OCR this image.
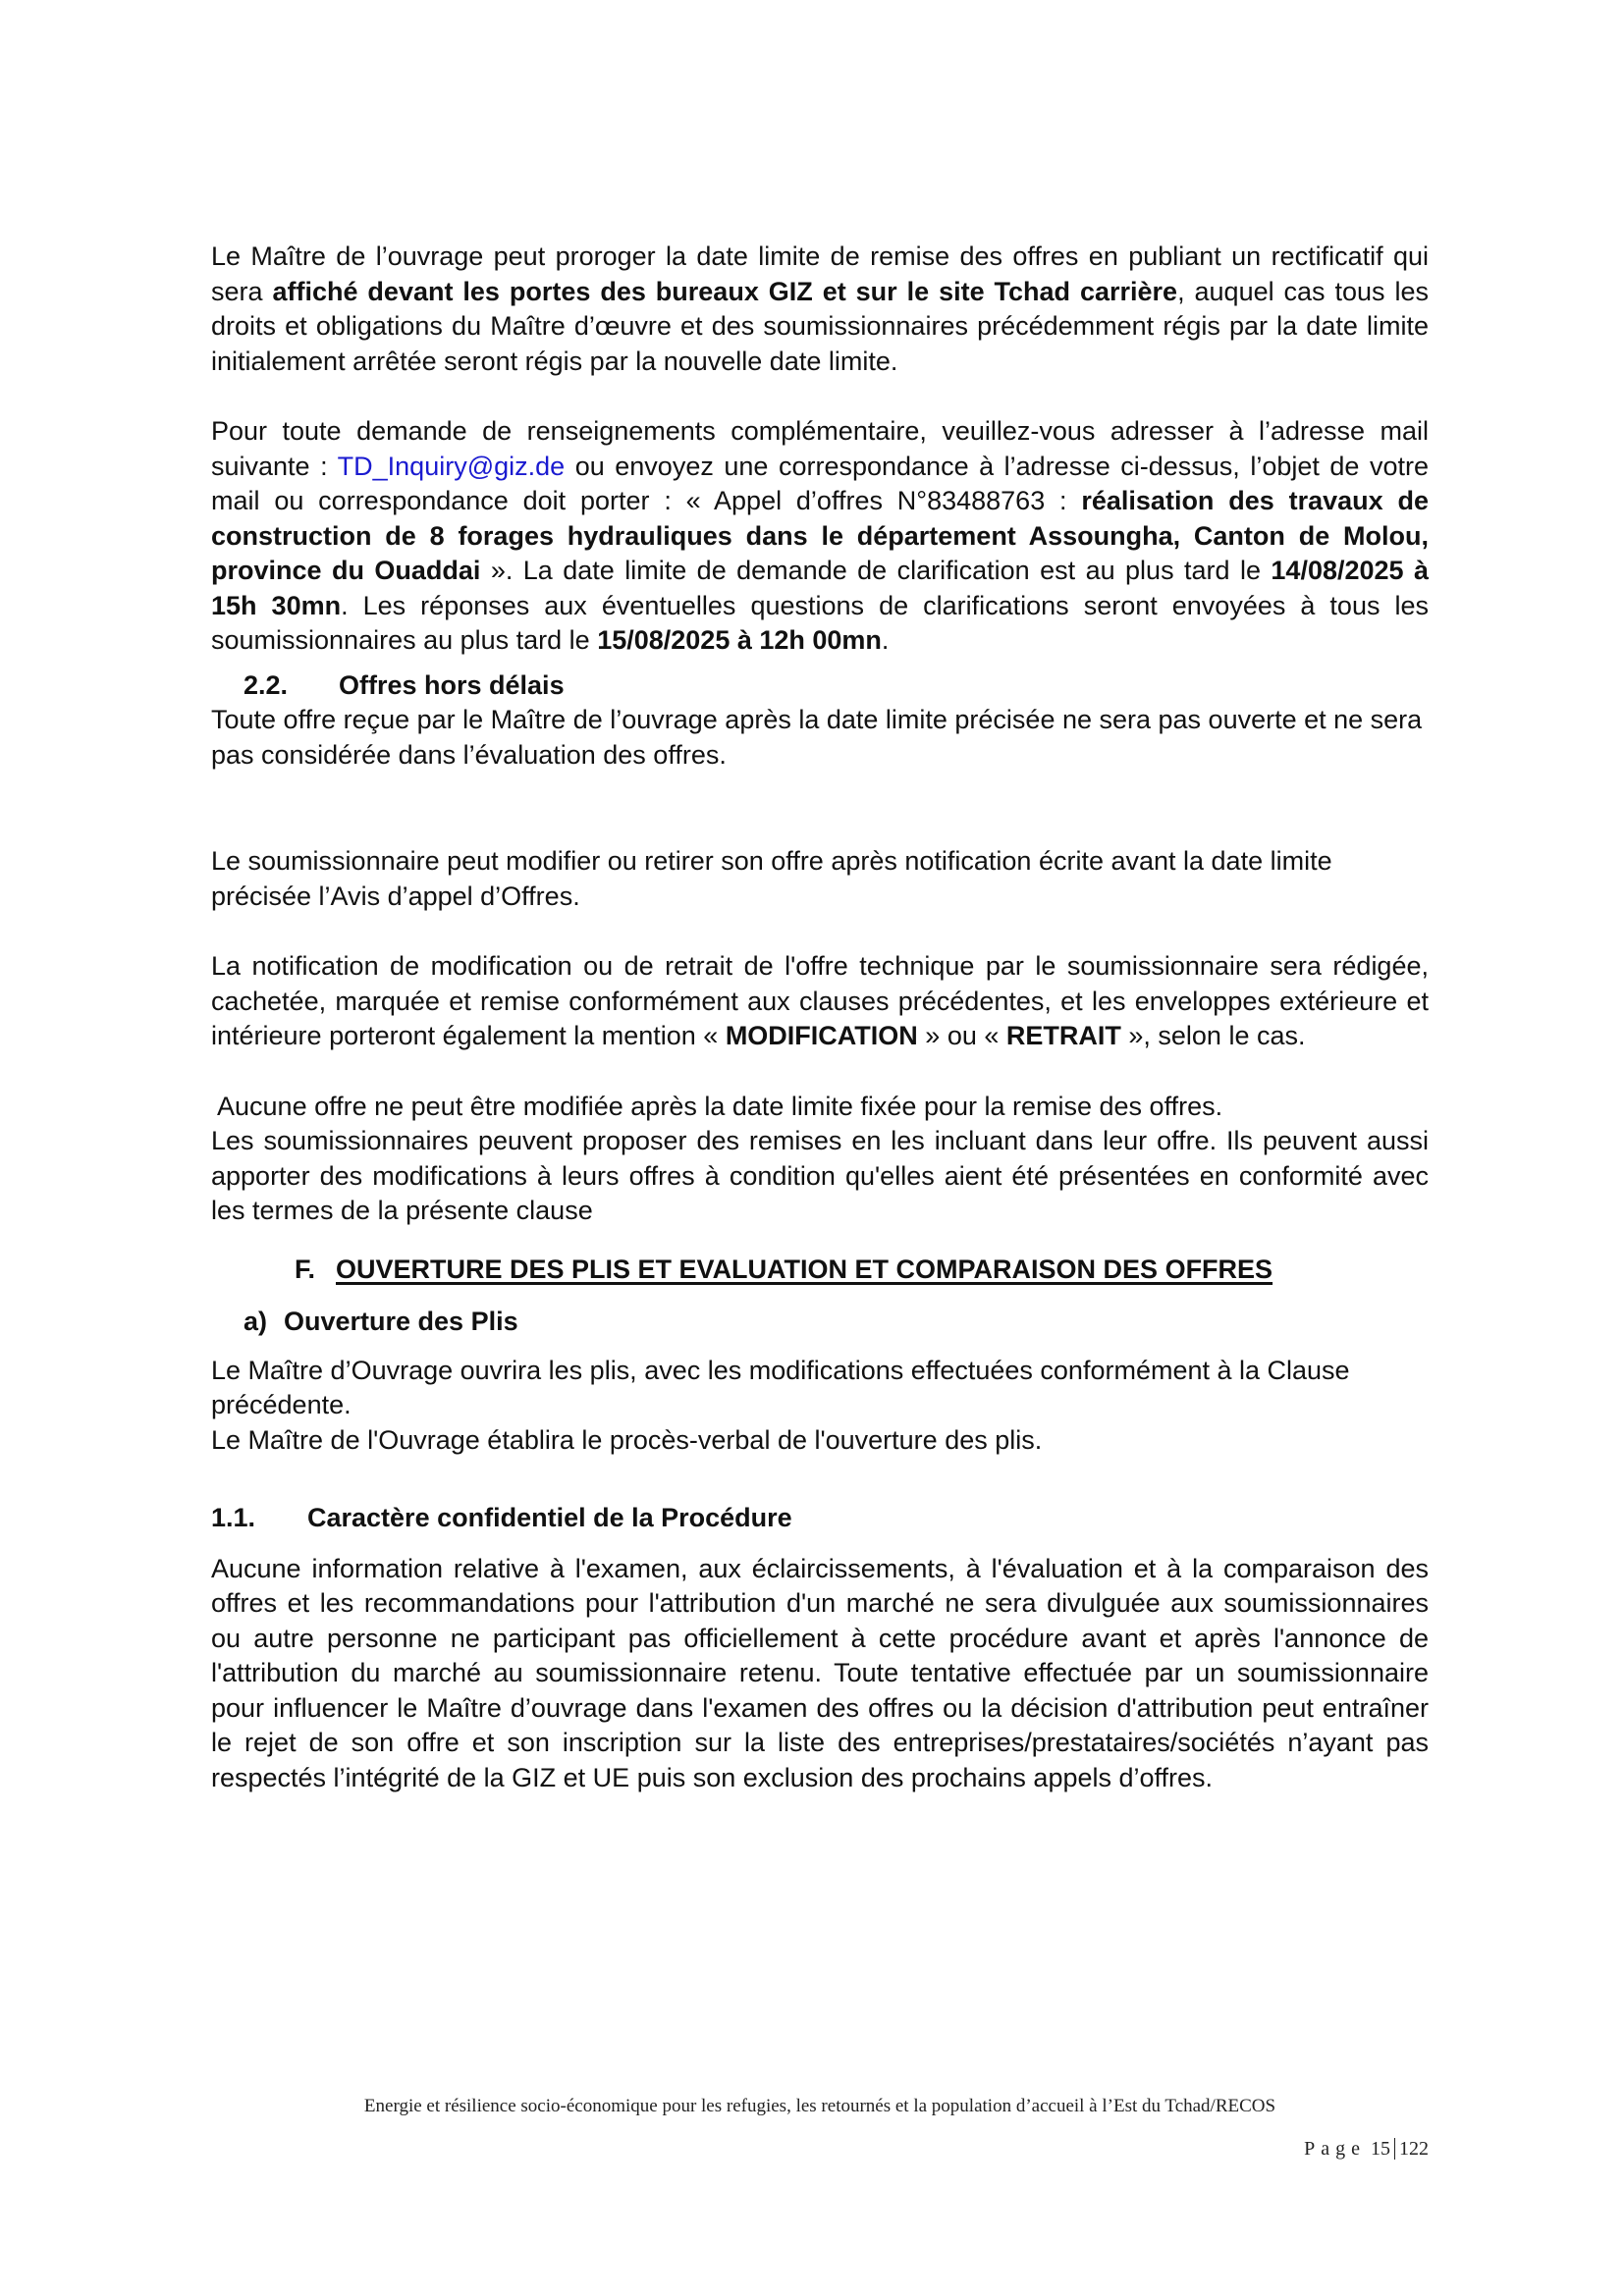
Le Maître de l’ouvrage peut proroger la date limite de remise des offres en publiant un rectificatif qui sera affiché devant les portes des bureaux GIZ et sur le site Tchad carrière, auquel cas tous les droits et obligations du Maître d’œuvre et des soumissionnaires précédemment régis par la date limite initialement arrêtée seront régis par la nouvelle date limite.

Pour toute demande de renseignements complémentaire, veuillez-vous adresser à l’adresse mail suivante : TD_Inquiry@giz.de ou envoyez une correspondance à l’adresse ci-dessus, l’objet de votre mail ou correspondance doit porter : « Appel d’offres N°83488763 : réalisation des travaux de construction de 8 forages hydrauliques dans le département Assoungha, Canton de Molou, province du Ouaddai ». La date limite de demande de clarification est au plus tard le 14/08/2025 à 15h 30mn. Les réponses aux éventuelles questions de clarifications seront envoyées à tous les soumissionnaires au plus tard le 15/08/2025 à 12h 00mn.

2.2.	Offres hors délais

Toute offre reçue par le Maître de l’ouvrage après la date limite précisée ne sera pas ouverte et ne sera pas considérée dans l’évaluation des offres.

Le soumissionnaire peut modifier ou retirer son offre après notification écrite avant la date limite précisée l’Avis d’appel d’Offres.

La notification de modification ou de retrait de l'offre technique par le soumissionnaire sera rédigée, cachetée, marquée et remise conformément aux clauses précédentes, et les enveloppes extérieure et intérieure porteront également la mention « MODIFICATION » ou « RETRAIT », selon le cas.

Aucune offre ne peut être modifiée après la date limite fixée pour la remise des offres.

Les soumissionnaires peuvent proposer des remises en les incluant dans leur offre. Ils peuvent aussi apporter des modifications à leurs offres à condition qu'elles aient été présentées en conformité avec les termes de la présente clause

F. OUVERTURE DES PLIS ET EVALUATION ET COMPARAISON DES OFFRES
a) Ouverture des Plis

Le Maître d’Ouvrage ouvrira les plis, avec les modifications effectuées conformément à la Clause précédente.

Le Maître de l'Ouvrage établira le procès-verbal de l'ouverture des plis.

1.1.	Caractère confidentiel de la Procédure

Aucune information relative à l'examen, aux éclaircissements, à l'évaluation et à la comparaison des offres et les recommandations pour l'attribution d'un marché ne sera divulguée aux soumissionnaires ou autre personne ne participant pas officiellement à cette procédure avant et après l'annonce de l'attribution du marché au soumissionnaire retenu. Toute tentative effectuée par un soumissionnaire pour influencer le Maître d’ouvrage dans l'examen des offres ou la décision d'attribution peut entraîner le rejet de son offre et son inscription sur la liste des entreprises/prestataires/sociétés n’ayant pas respectés l’intégrité de la GIZ et UE puis son exclusion des prochains appels d’offres.

Energie et résilience socio-économique pour les refugies, les retournés et la population d’accueil à l’Est du Tchad/RECOS
Page 15 122
